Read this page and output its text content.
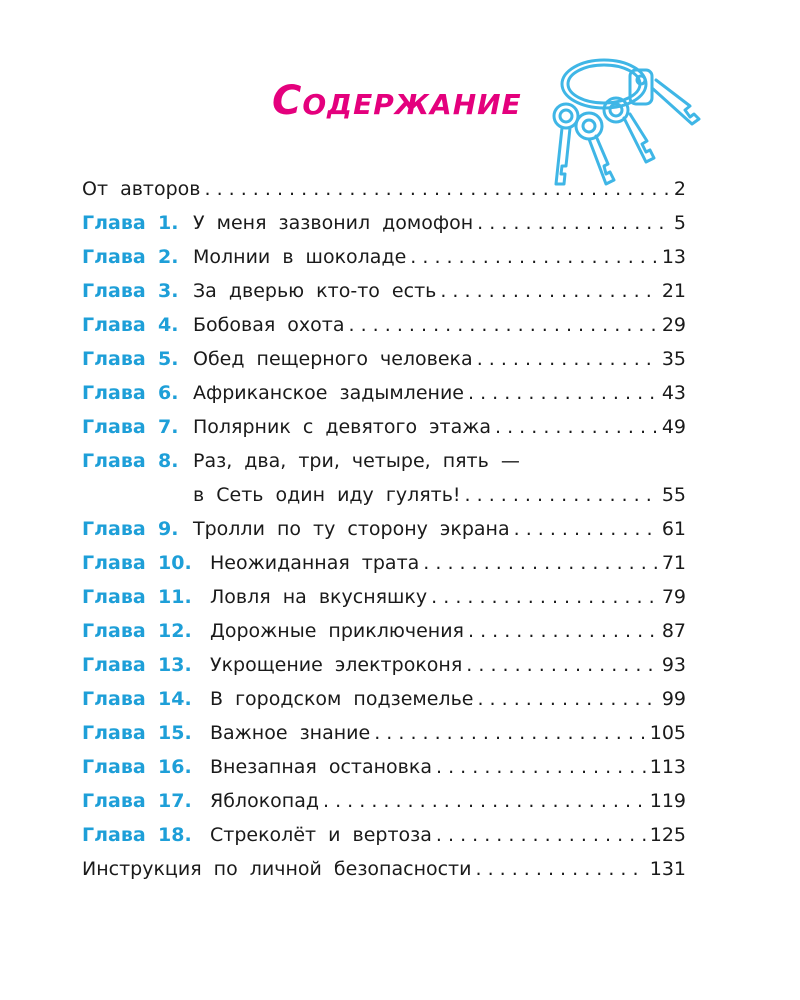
Содержание
От авторов . . .	2
Глава 1. У меня зазвонил домофон . . .	5
Глава 2. Молнии в шоколаде . . .	13
Глава 3. За дверью кто-то есть . . .	21
Глава 4. Бобовая охота . . .	29
Глава 5. Обед пещерного человека . . .	35
Глава 6. Африканское задымление . . .	43
Глава 7. Полярник с девятого этажа . . .	49
Глава 8. Раз, два, три, четыре, пять —
в Сеть один иду гулять! . . .	55
Глава 9. Тролли по ту сторону экрана . . .	61
Глава 10. Неожиданная трата . . .	71
Глава 11. Ловля на вкусняшку . . .	79
Глава 12. Дорожные приключения . . .	87
Глава 13. Укрощение электроконя . . .	93
Глава 14. В городском подземелье . . .	99
Глава 15. Важное знание . . .	105
Глава 16. Внезапная остановка . . .	113
Глава 17. Яблокопад . . .	119
Глава 18. Стреколёт и вертоза . . .	125
Инструкция по личной безопасности . . .	131
